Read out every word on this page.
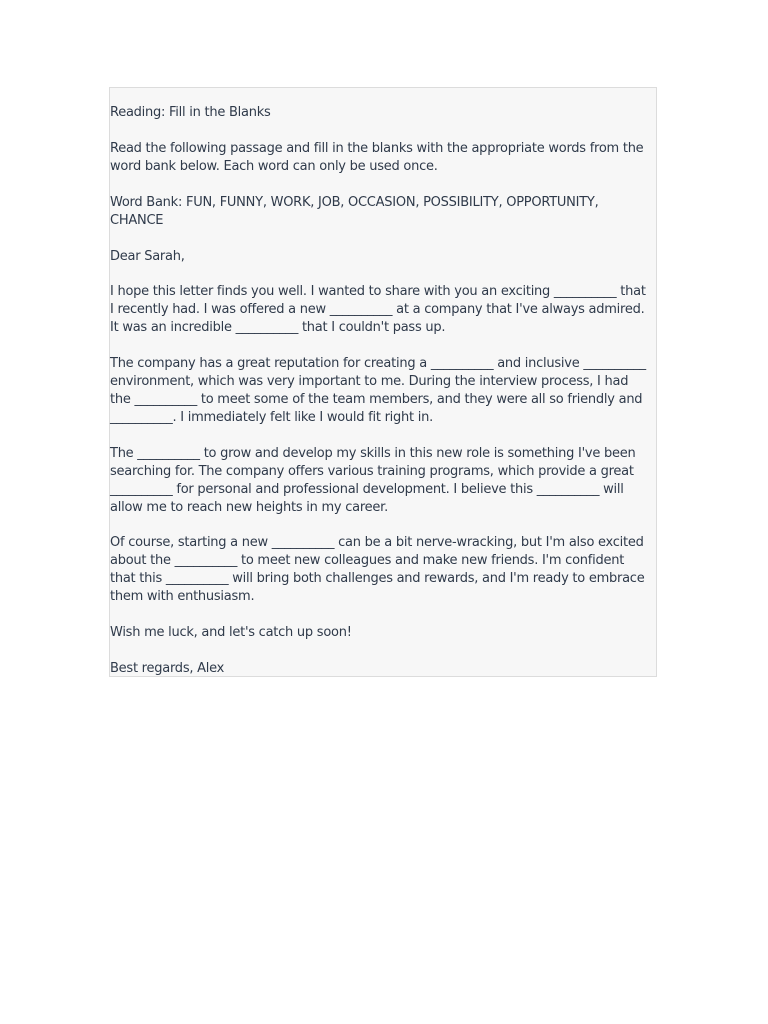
Reading: Fill in the Blanks

Read the following passage and fill in the blanks with the appropriate words from the word bank below. Each word can only be used once.

Word Bank: FUN, FUNNY, WORK, JOB, OCCASION, POSSIBILITY, OPPORTUNITY, CHANCE

Dear Sarah,

I hope this letter finds you well. I wanted to share with you an exciting __________ that I recently had. I was offered a new __________ at a company that I've always admired. It was an incredible __________ that I couldn't pass up.

The company has a great reputation for creating a __________ and inclusive __________ environment, which was very important to me. During the interview process, I had the __________ to meet some of the team members, and they were all so friendly and __________. I immediately felt like I would fit right in.

The __________ to grow and develop my skills in this new role is something I've been searching for. The company offers various training programs, which provide a great __________ for personal and professional development. I believe this __________ will allow me to reach new heights in my career.

Of course, starting a new __________ can be a bit nerve-wracking, but I'm also excited about the __________ to meet new colleagues and make new friends. I'm confident that this __________ will bring both challenges and rewards, and I'm ready to embrace them with enthusiasm.

Wish me luck, and let's catch up soon!

Best regards, Alex
